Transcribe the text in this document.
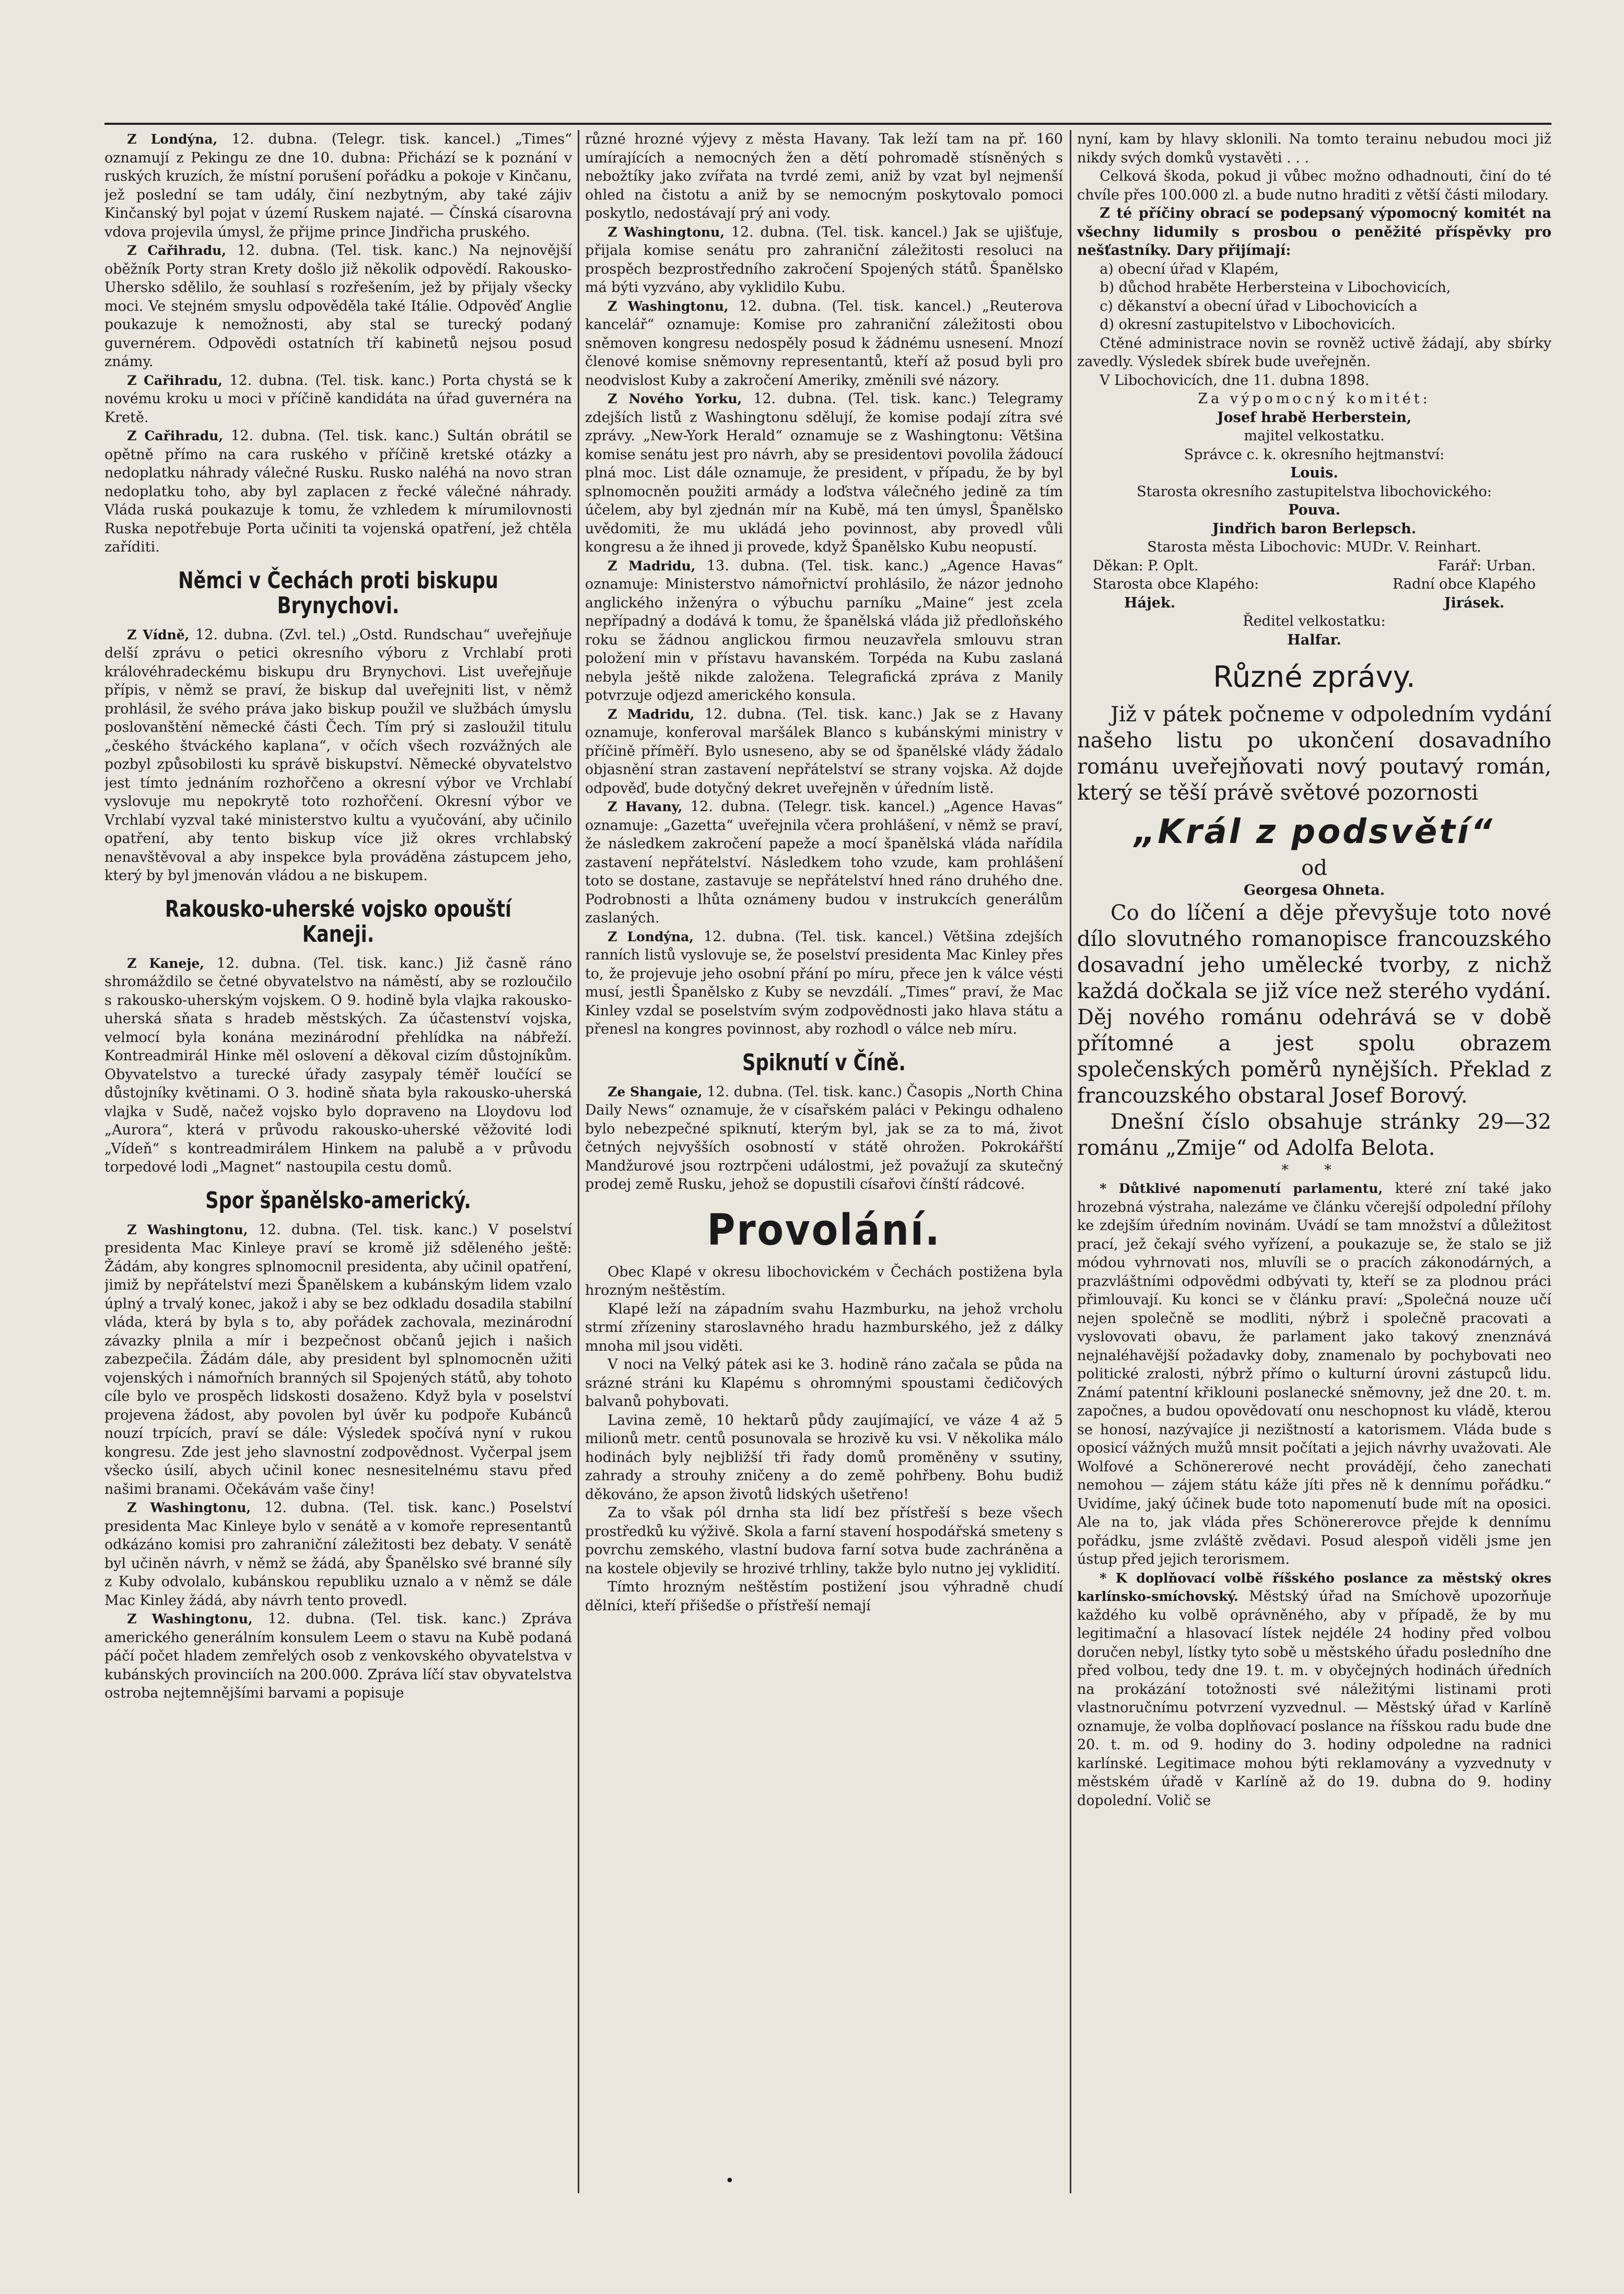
Z Londýna, 12. dubna. (Telegr. tisk. kancel.) „Times“ oznamují z Pekingu ze dne 10. dubna: Přichází se k poznání v ruských kruzích, že místní porušení pořádku a pokoje v Kinčanu, jež poslední se tam udály, činí nezbytným, aby také zájiv Kinčanský byl pojat v území Ruskem najaté. — Čínská císarovna vdova projevila úmysl, že přijme prince Jindřicha pruského.

Z Cařihradu, 12. dubna. (Tel. tisk. kanc.) Na nejnovější oběžník Porty stran Krety došlo již několik odpovědí. Rakousko-Uhersko sdělilo, že souhlasí s rozřešením, jež by přijaly všecky moci. Ve stejném smyslu odpověděla také Itálie. Odpověď Anglie poukazuje k nemožnosti, aby stal se turecký podaný guvernérem. Odpovědi ostatních tří kabinetů nejsou posud známy.

Z Cařihradu, 12. dubna. (Tel. tisk. kanc.) Porta chystá se k novému kroku u moci v příčině kandidáta na úřad guvernéra na Kretě.

Z Cařihradu, 12. dubna. (Tel. tisk. kanc.) Sultán obrátil se opětně přímo na cara ruského v příčině kretské otázky a nedoplatku náhrady válečné Rusku. Rusko naléhá na novo stran nedoplatku toho, aby byl zaplacen z řecké válečné náhrady. Vláda ruská poukazuje k tomu, že vzhledem k mírumilovnosti Ruska nepotřebuje Porta učiniti ta vojenská opatření, jež chtěla zaříditi.

Němci v Čechách proti biskupu Brynychovi.

Z Vídně, 12. dubna. (Zvl. tel.) „Ostd. Rundschau“ uveřejňuje delší zprávu o petici okresního výboru z Vrchlabí proti královéhradeckému biskupu dru Brynychovi. List uveřejňuje přípis, v němž se praví, že biskup dal uveřejniti list, v němž prohlásil, že svého práva jako biskup použil ve službách úmyslu poslovanštění německé části Čech. Tím prý si zasloužil titulu „českého štváckého kaplana“, v očích všech rozvážných ale pozbyl způsobilosti ku správě biskupství. Německé obyvatelstvo jest tímto jednáním rozhořčeno a okresní výbor ve Vrchlabí vyslovuje mu nepokrytě toto rozhořčení. Okresní výbor ve Vrchlabí vyzval také ministerstvo kultu a vyučování, aby učinilo opatření, aby tento biskup více již okres vrchlabský nenavštěvoval a aby inspekce byla prováděna zástupcem jeho, který by byl jmenován vládou a ne biskupem.

Rakousko-uherské vojsko opouští Kaneji.

Z Kaneje, 12. dubna. (Tel. tisk. kanc.) Již časně ráno shromáždilo se četné obyvatelstvo na náměstí, aby se rozloučilo s rakousko-uherským vojskem. O 9. hodině byla vlajka rakousko-uherská sňata s hradeb městských. Za účastenství vojska, velmocí byla konána mezinárodní přehlídka na nábřeží. Kontreadmirál Hinke měl oslovení a děkoval cizím důstojníkům. Obyvatelstvo a turecké úřady zasypaly téměř loučící se důstojníky květinami. O 3. hodině sňata byla rakousko-uherská vlajka v Sudě, načež vojsko bylo dopraveno na Lloydovu loď „Aurora“, která v průvodu rakousko-uherské věžovité lodi „Vídeň“ s kontreadmirálem Hinkem na palubě a v průvodu torpedové lodi „Magnet“ nastoupila cestu domů.

Spor španělsko-americký.

Z Washingtonu, 12. dubna. (Tel. tisk. kanc.) V poselství presidenta Mac Kinleye praví se kromě již sděleného ještě: Žádám, aby kongres splnomocnil presidenta, aby učinil opatření, jimiž by nepřátelství mezi Španělskem a kubánským lidem vzalo úplný a trvalý konec, jakož i aby se bez odkladu dosadila stabilní vláda, která by byla s to, aby pořádek zachovala, mezinárodní závazky plnila a mír i bezpečnost občanů jejich i našich zabezpečila. Žádám dále, aby president byl splnomocněn užiti vojenských i námořních branných sil Spojených států, aby tohoto cíle bylo ve prospěch lidskosti dosaženo. Když byla v poselství projevena žádost, aby povolen byl úvěr ku podpoře Kubánců nouzí trpících, praví se dále: Výsledek spočívá nyní v rukou kongresu. Zde jest jeho slavnostní zodpovědnost. Vyčerpal jsem všecko úsilí, abych učinil konec nesnesitelnému stavu před našimi branami. Očekávám vaše činy!

Z Washingtonu, 12. dubna. (Tel. tisk. kanc.) Poselství presidenta Mac Kinleye bylo v senátě a v komoře representantů odkázáno komisi pro zahraniční záležitosti bez debaty. V senátě byl učiněn návrh, v němž se žádá, aby Španělsko své branné síly z Kuby odvolalo, kubánskou republiku uznalo a v němž se dále Mac Kinley žádá, aby návrh tento provedl.

Z Washingtonu, 12. dubna. (Tel. tisk. kanc.) Zpráva amerického generálním konsulem Leem o stavu na Kubě podaná páčí počet hladem zemřelých osob z venkovského obyvatelstva v kubánských provinciích na 200.000. Zpráva líčí stav obyvatelstva ostroba nejtemnějšími barvami a popisuje

různé hrozné výjevy z města Havany. Tak leží tam na př. 160 umírajících a nemocných žen a dětí pohromadě stísněných s nebožtíky jako zvířata na tvrdé zemi, aniž by vzat byl nejmenší ohled na čistotu a aniž by se nemocným poskytovalo pomoci poskytlo, nedostávají prý ani vody.

Z Washingtonu, 12. dubna. (Tel. tisk. kancel.) Jak se ujišťuje, přijala komise senátu pro zahraniční záležitosti resoluci na prospěch bezprostředního zakročení Spojených států. Španělsko má býti vyzváno, aby vyklidilo Kubu.

Z Washingtonu, 12. dubna. (Tel. tisk. kancel.) „Reuterova kancelář“ oznamuje: Komise pro zahraniční záležitosti obou sněmoven kongresu nedospěly posud k žádnému usnesení. Mnozí členové komise sněmovny representantů, kteří až posud byli pro neodvislost Kuby a zakročení Ameriky, změnili své názory.

Z Nového Yorku, 12. dubna. (Tel. tisk. kanc.) Telegramy zdejších listů z Washingtonu sdělují, že komise podají zítra své zprávy. „New-York Herald“ oznamuje se z Washingtonu: Většina komise senátu jest pro návrh, aby se presidentovi povolila žádoucí plná moc. List dále oznamuje, že president, v případu, že by byl splnomocněn použiti armády a loďstva válečného jedině za tím účelem, aby byl zjednán mír na Kubě, má ten úmysl, Španělsko uvědomiti, že mu ukládá jeho povinnost, aby provedl vůli kongresu a že ihned ji provede, když Španělsko Kubu neopustí.

Z Madridu, 13. dubna. (Tel. tisk. kanc.) „Agence Havas“ oznamuje: Ministerstvo námořnictví prohlásilo, že názor jednoho anglického inženýra o výbuchu parníku „Maine“ jest zcela nepřípadný a dodává k tomu, že španělská vláda již předloňského roku se žádnou anglickou firmou neuzavřela smlouvu stran položení min v přístavu havanském. Torpéda na Kubu zaslaná nebyla ještě nikde založena. Telegrafická zpráva z Manily potvrzuje odjezd amerického konsula.

Z Madridu, 12. dubna. (Tel. tisk. kanc.) Jak se z Havany oznamuje, konferoval maršálek Blanco s kubánskými ministry v příčině příměří. Bylo usneseno, aby se od španělské vlády žádalo objasnění stran zastavení nepřátelství se strany vojska. Až dojde odpověď, bude dotyčný dekret uveřejněn v úředním listě.

Z Havany, 12. dubna. (Telegr. tisk. kancel.) „Agence Havas“ oznamuje: „Gazetta“ uveřejnila včera prohlášení, v němž se praví, že následkem zakročení papeže a mocí španělská vláda nařídila zastavení nepřátelství. Následkem toho vzude, kam prohlášení toto se dostane, zastavuje se nepřátelství hned ráno druhého dne. Podrobnosti a lhůta oznámeny budou v instrukcích generálům zaslaných.

Z Londýna, 12. dubna. (Tel. tisk. kancel.) Většina zdejších ranních listů vyslovuje se, že poselství presidenta Mac Kinley přes to, že projevuje jeho osobní přání po míru, přece jen k válce vésti musí, jestli Španělsko z Kuby se nevzdálí. „Times“ praví, že Mac Kinley vzdal se poselstvím svým zodpovědnosti jako hlava státu a přenesl na kongres povinnost, aby rozhodl o válce neb míru.

Spiknutí v Číně.

Ze Shangaie, 12. dubna. (Tel. tisk. kanc.) Časopis „North China Daily News“ oznamuje, že v císařském paláci v Pekingu odhaleno bylo nebezpečné spiknutí, kterým byl, jak se za to má, život četných nejvyšších osobností v státě ohrožen. Pokrokářští Mandžurové jsou roztrpčeni událostmi, jež považují za skutečný prodej země Rusku, jehož se dopustili císařovi čínští rádcové.

Provolání.

Obec Klapé v okresu libochovickém v Čechách postižena byla hrozným neštěstím.

Klapé leží na západním svahu Hazmburku, na jehož vrcholu strmí zřízeniny staroslavného hradu hazmburského, jež z dálky mnoha mil jsou viděti.

V noci na Velký pátek asi ke 3. hodině ráno začala se půda na srázné stráni ku Klapému s ohromnými spoustami čedičových balvanů pohybovati.

Lavina země, 10 hektarů půdy zaujímající, ve váze 4 až 5 milionů metr. centů posunovala se hrozivě ku vsi. V několika málo hodinách byly nejbližší tři řady domů proměněny v ssutiny, zahrady a strouhy zničeny a do země pohřbeny. Bohu budiž děkováno, že apson životů lidských ušetřeno!

Za to však pól drnha sta lidí bez přístřeší s beze všech prostředků ku výživě. Skola a farní stavení hospodářská smeteny s povrchu zemského, vlastní budova farní sotva bude zachráněna a na kostele objevily se hrozivé trhliny, takže bylo nutno jej vyklidití.

Tímto hrozným neštěstím postižení jsou výhradně chudí dělníci, kteří přišedše o přístřeší nemají

nyní, kam by hlavy sklonili. Na tomto terainu nebudou moci již nikdy svých domků vystavěti . . .

Celková škoda, pokud ji vůbec možno odhadnouti, činí do té chvíle přes 100.000 zl. a bude nutno hraditi z větší části milodary.

Z té příčiny obrací se podepsaný výpomocný komitét na všechny lidumily s prosbou o peněžité příspěvky pro nešťastníky. Dary přijímají:

a) obecní úřad v Klapém,

b) důchod hraběte Herbersteina v Libochovicích,

c) děkanství a obecní úřad v Libochovicích a

d) okresní zastupitelstvo v Libochovicích.

Ctěné administrace novin se rovněž uctivě žádají, aby sbírky zavedly. Výsledek sbírek bude uveřejněn.

V Libochovicích, dne 11. dubna 1898.

Za výpomocný komitét:

Josef hrabě Herberstein,

majitel velkostatku.

Správce c. k. okresního hejtmanství:

Louis.

Starosta okresního zastupitelstva libochovického:

Pouva.

Jindřich baron Berlepsch.

Starosta města Libochovic: MUDr. V. Reinhart.

Děkan: P. Oplt.	Farář: Urban.
Starosta obce Klapého:	Radní obce Klapého
Hájek.	Jirásek.

Ředitel velkostatku:

Halfar.

Různé zprávy.

Již v pátek počneme v odpoledním vydání našeho listu po ukončení dosavadního románu uveřejňovati nový poutavý román, který se těší právě světové pozornosti

„Král z podsvětí“

od

Georgesa Ohneta.

Co do líčení a děje převyšuje toto nové dílo slovutného romanopisce francouzského dosavadní jeho umělecké tvorby, z nichž každá dočkala se již více než sterého vydání. Děj nového románu odehrává se v době přítomné a jest spolu obrazem společenských poměrů nynějších. Překlad z francouzského obstaral Josef Borový.

Dnešní číslo obsahuje stránky 29—32 románu „Zmije“ od Adolfa Belota.

* *

* Důtklivé napomenutí parlamentu, které zní také jako hrozebná výstraha, nalezáme ve článku včerejší odpolední přílohy ke zdejším úředním novinám. Uvádí se tam množství a důležitost prací, jež čekají svého vyřízení, a poukazuje se, že stalo se již módou vyhrnovati nos, mluvíli se o pracích zákonodárných, a prazvláštními odpovědmi odbývati ty, kteří se za plodnou práci přimlouvají. Ku konci se v článku praví: „Společná nouze učí nejen společně se modliti, nýbrž i společně pracovati a vyslovovati obavu, že parlament jako takový znenznává nejnaléhavější požadavky doby, znamenalo by pochybovati neo politické zralosti, nýbrž přímo o kulturní úrovni zástupců lidu. Známí patentní křiklouni poslanecké sněmovny, jež dne 20. t. m. započnes, a budou opovědovatí onu neschopnost ku vládě, kterou se honosí, nazývajíce ji nezištností a katorismem. Vláda bude s oposicí vážných mužů mnsit počítati a jejich návrhy uvažovati. Ale Wolfové a Schönererové necht provádějí, čeho zanechati nemohou — zájem státu káže jíti přes ně k dennímu pořádku.“ Uvidíme, jaký účinek bude toto napomenutí bude mít na oposici. Ale na to, jak vláda přes Schönererovce přejde k dennímu pořádku, jsme zvláště zvědavi. Posud alespoň viděli jsme jen ústup před jejich terorismem.

* K doplňovací volbě říšského poslance za městský okres karlínsko-smíchovský. Městský úřad na Smíchově upozorňuje každého ku volbě oprávněného, aby v případě, že by mu legitimační a hlasovací lístek nejdéle 24 hodiny před volbou doručen nebyl, lístky tyto sobě u městského úřadu posledního dne před volbou, tedy dne 19. t. m. v obyčejných hodinách úředních na prokázání totožnosti své náležitými listinami proti vlastnoručnímu potvrzení vyzvednul. — Městský úřad v Karlíně oznamuje, že volba doplňovací poslance na říšskou radu bude dne 20. t. m. od 9. hodiny do 3. hodiny odpoledne na radnici karlínské. Legitimace mohou býti reklamovány a vyzvednuty v městském úřadě v Karlíně až do 19. dubna do 9. hodiny dopolední. Volič se

•
